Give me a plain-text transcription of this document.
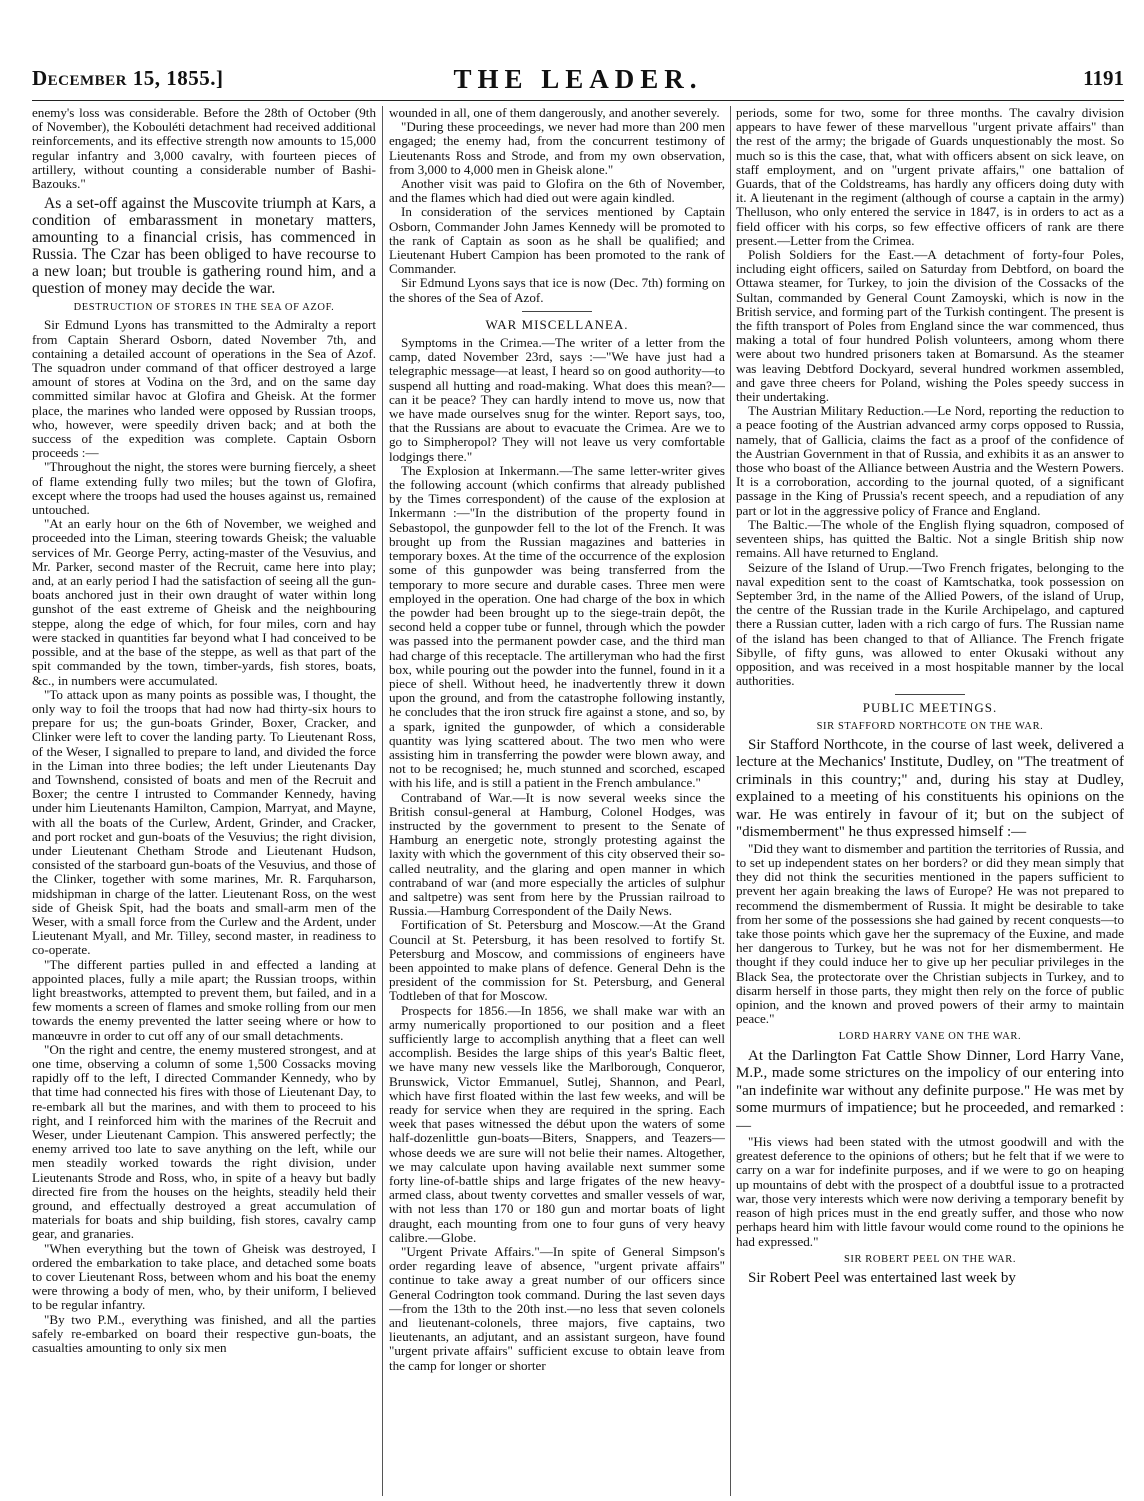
December 15, 1855.]	THE LEADER.	1191

enemy's loss was considerable. Before the 28th of October (9th of November), the Kobouléti detachment had received additional reinforcements, and its effective strength now amounts to 15,000 regular infantry and 3,000 cavalry, with fourteen pieces of artillery, without counting a considerable number of Bashi-Bazouks."

As a set-off against the Muscovite triumph at Kars, a condition of embarassment in monetary matters, amounting to a financial crisis, has commenced in Russia. The Czar has been obliged to have recourse to a new loan; but trouble is gathering round him, and a question of money may decide the war.

DESTRUCTION OF STORES IN THE SEA OF AZOF.

Sir Edmund Lyons has transmitted to the Admiralty a report from Captain Sherard Osborn, dated November 7th, and containing a detailed account of operations in the Sea of Azof. The squadron under command of that officer destroyed a large amount of stores at Vodina on the 3rd, and on the same day committed similar havoc at Glofira and Gheisk. At the former place, the marines who landed were opposed by Russian troops, who, however, were speedily driven back; and at both the success of the expedition was complete. Captain Osborn proceeds :—

"Throughout the night, the stores were burning fiercely, a sheet of flame extending fully two miles; but the town of Glofira, except where the troops had used the houses against us, remained untouched.

"At an early hour on the 6th of November, we weighed and proceeded into the Liman, steering towards Gheisk; the valuable services of Mr. George Perry, acting-master of the Vesuvius, and Mr. Parker, second master of the Recruit, came here into play; and, at an early period I had the satisfaction of seeing all the gun-boats anchored just in their own draught of water within long gunshot of the east extreme of Gheisk and the neighbouring steppe, along the edge of which, for four miles, corn and hay were stacked in quantities far beyond what I had conceived to be possible, and at the base of the steppe, as well as that part of the spit commanded by the town, timber-yards, fish stores, boats, &c., in numbers were accumulated.

"To attack upon as many points as possible was, I thought, the only way to foil the troops that had now had thirty-six hours to prepare for us; the gun-boats Grinder, Boxer, Cracker, and Clinker were left to cover the landing party. To Lieutenant Ross, of the Weser, I signalled to prepare to land, and divided the force in the Liman into three bodies; the left under Lieutenants Day and Townshend, consisted of boats and men of the Recruit and Boxer; the centre I intrusted to Commander Kennedy, having under him Lieutenants Hamilton, Campion, Marryat, and Mayne, with all the boats of the Curlew, Ardent, Grinder, and Cracker, and port rocket and gun-boats of the Vesuvius; the right division, under Lieutenant Chetham Strode and Lieutenant Hudson, consisted of the starboard gun-boats of the Vesuvius, and those of the Clinker, together with some marines, Mr. R. Farquharson, midshipman in charge of the latter. Lieutenant Ross, on the west side of Gheisk Spit, had the boats and small-arm men of the Weser, with a small force from the Curlew and the Ardent, under Lieutenant Myall, and Mr. Tilley, second master, in readiness to co-operate.

"The different parties pulled in and effected a landing at appointed places, fully a mile apart; the Russian troops, within light breastworks, attempted to prevent them, but failed, and in a few moments a screen of flames and smoke rolling from our men towards the enemy prevented the latter seeing where or how to manœuvre in order to cut off any of our small detachments.

"On the right and centre, the enemy mustered strongest, and at one time, observing a column of some 1,500 Cossacks moving rapidly off to the left, I directed Commander Kennedy, who by that time had connected his fires with those of Lieutenant Day, to re-embark all but the marines, and with them to proceed to his right, and I reinforced him with the marines of the Recruit and Weser, under Lieutenant Campion. This answered perfectly; the enemy arrived too late to save anything on the left, while our men steadily worked towards the right division, under Lieutenants Strode and Ross, who, in spite of a heavy but badly directed fire from the houses on the heights, steadily held their ground, and effectually destroyed a great accumulation of materials for boats and ship building, fish stores, cavalry camp gear, and granaries.

"When everything but the town of Gheisk was destroyed, I ordered the embarkation to take place, and detached some boats to cover Lieutenant Ross, between whom and his boat the enemy were throwing a body of men, who, by their uniform, I believed to be regular infantry.

"By two P.M., everything was finished, and all the parties safely re-embarked on board their respective gun-boats, the casualties amounting to only six men

wounded in all, one of them dangerously, and another severely.

"During these proceedings, we never had more than 200 men engaged; the enemy had, from the concurrent testimony of Lieutenants Ross and Strode, and from my own observation, from 3,000 to 4,000 men in Gheisk alone."

Another visit was paid to Glofira on the 6th of November, and the flames which had died out were again kindled.

In consideration of the services mentioned by Captain Osborn, Commander John James Kennedy will be promoted to the rank of Captain as soon as he shall be qualified; and Lieutenant Hubert Campion has been promoted to the rank of Commander.

Sir Edmund Lyons says that ice is now (Dec. 7th) forming on the shores of the Sea of Azof.

WAR MISCELLANEA.

Symptoms in the Crimea.—The writer of a letter from the camp, dated November 23rd, says :—"We have just had a telegraphic message—at least, I heard so on good authority—to suspend all hutting and road-making. What does this mean?—can it be peace? They can hardly intend to move us, now that we have made ourselves snug for the winter. Report says, too, that the Russians are about to evacuate the Crimea. Are we to go to Simpheropol? They will not leave us very comfortable lodgings there."

The Explosion at Inkermann.—The same letter-writer gives the following account (which confirms that already published by the Times correspondent) of the cause of the explosion at Inkermann :—"In the distribution of the property found in Sebastopol, the gunpowder fell to the lot of the French. It was brought up from the Russian magazines and batteries in temporary boxes. At the time of the occurrence of the explosion some of this gunpowder was being transferred from the temporary to more secure and durable cases. Three men were employed in the operation. One had charge of the box in which the powder had been brought up to the siege-train depôt, the second held a copper tube or funnel, through which the powder was passed into the permanent powder case, and the third man had charge of this receptacle. The artilleryman who had the first box, while pouring out the powder into the funnel, found in it a piece of shell. Without heed, he inadvertently threw it down upon the ground, and from the catastrophe following instantly, he concludes that the iron struck fire against a stone, and so, by a spark, ignited the gunpowder, of which a considerable quantity was lying scattered about. The two men who were assisting him in transferring the powder were blown away, and not to be recognised; he, much stunned and scorched, escaped with his life, and is still a patient in the French ambulance."

Contraband of War.—It is now several weeks since the British consul-general at Hamburg, Colonel Hodges, was instructed by the government to present to the Senate of Hamburg an energetic note, strongly protesting against the laxity with which the government of this city observed their so-called neutrality, and the glaring and open manner in which contraband of war (and more especially the articles of sulphur and saltpetre) was sent from here by the Prussian railroad to Russia.—Hamburg Correspondent of the Daily News.

Fortification of St. Petersburg and Moscow.—At the Grand Council at St. Petersburg, it has been resolved to fortify St. Petersburg and Moscow, and commissions of engineers have been appointed to make plans of defence. General Dehn is the president of the commission for St. Petersburg, and General Todtleben of that for Moscow.

Prospects for 1856.—In 1856, we shall make war with an army numerically proportioned to our position and a fleet sufficiently large to accomplish anything that a fleet can well accomplish. Besides the large ships of this year's Baltic fleet, we have many new vessels like the Marlborough, Conqueror, Brunswick, Victor Emmanuel, Sutlej, Shannon, and Pearl, which have first floated within the last few weeks, and will be ready for service when they are required in the spring. Each week that pases witnessed the début upon the waters of some half-dozenlittle gun-boats—Biters, Snappers, and Teazers—whose deeds we are sure will not belie their names. Altogether, we may calculate upon having available next summer some forty line-of-battle ships and large frigates of the new heavy-armed class, about twenty corvettes and smaller vessels of war, with not less than 170 or 180 gun and mortar boats of light draught, each mounting from one to four guns of very heavy calibre.—Globe.

"Urgent Private Affairs."—In spite of General Simpson's order regarding leave of absence, "urgent private affairs" continue to take away a great number of our officers since General Codrington took command. During the last seven days—from the 13th to the 20th inst.—no less that seven colonels and lieutenant-colonels, three majors, five captains, two lieutenants, an adjutant, and an assistant surgeon, have found "urgent private affairs" sufficient excuse to obtain leave from the camp for longer or shorter

periods, some for two, some for three months. The cavalry division appears to have fewer of these marvellous "urgent private affairs" than the rest of the army; the brigade of Guards unquestionably the most. So much so is this the case, that, what with officers absent on sick leave, on staff employment, and on "urgent private affairs," one battalion of Guards, that of the Coldstreams, has hardly any officers doing duty with it. A lieutenant in the regiment (although of course a captain in the army) Thelluson, who only entered the service in 1847, is in orders to act as a field officer with his corps, so few effective officers of rank are there present.—Letter from the Crimea.

Polish Soldiers for the East.—A detachment of forty-four Poles, including eight officers, sailed on Saturday from Debtford, on board the Ottawa steamer, for Turkey, to join the division of the Cossacks of the Sultan, commanded by General Count Zamoyski, which is now in the British service, and forming part of the Turkish contingent. The present is the fifth transport of Poles from England since the war commenced, thus making a total of four hundred Polish volunteers, among whom there were about two hundred prisoners taken at Bomarsund. As the steamer was leaving Debtford Dockyard, several hundred workmen assembled, and gave three cheers for Poland, wishing the Poles speedy success in their undertaking.

The Austrian Military Reduction.—Le Nord, reporting the reduction to a peace footing of the Austrian advanced army corps opposed to Russia, namely, that of Gallicia, claims the fact as a proof of the confidence of the Austrian Government in that of Russia, and exhibits it as an answer to those who boast of the Alliance between Austria and the Western Powers. It is a corroboration, according to the journal quoted, of a significant passage in the King of Prussia's recent speech, and a repudiation of any part or lot in the aggressive policy of France and England.

The Baltic.—The whole of the English flying squadron, composed of seventeen ships, has quitted the Baltic. Not a single British ship now remains. All have returned to England.

Seizure of the Island of Urup.—Two French frigates, belonging to the naval expedition sent to the coast of Kamtschatka, took possession on September 3rd, in the name of the Allied Powers, of the island of Urup, the centre of the Russian trade in the Kurile Archipelago, and captured there a Russian cutter, laden with a rich cargo of furs. The Russian name of the island has been changed to that of Alliance. The French frigate Sibylle, of fifty guns, was allowed to enter Okusaki without any opposition, and was received in a most hospitable manner by the local authorities.

PUBLIC MEETINGS.

SIR STAFFORD NORTHCOTE ON THE WAR.

Sir Stafford Northcote, in the course of last week, delivered a lecture at the Mechanics' Institute, Dudley, on "The treatment of criminals in this country;" and, during his stay at Dudley, explained to a meeting of his constituents his opinions on the war. He was entirely in favour of it; but on the subject of "dismemberment" he thus expressed himself :—

"Did they want to dismember and partition the territories of Russia, and to set up independent states on her borders? or did they mean simply that they did not think the securities mentioned in the papers sufficient to prevent her again breaking the laws of Europe? He was not prepared to recommend the dismemberment of Russia. It might be desirable to take from her some of the possessions she had gained by recent conquests—to take those points which gave her the supremacy of the Euxine, and made her dangerous to Turkey, but he was not for her dismemberment. He thought if they could induce her to give up her peculiar privileges in the Black Sea, the protectorate over the Christian subjects in Turkey, and to disarm herself in those parts, they might then rely on the force of public opinion, and the known and proved powers of their army to maintain peace."

LORD HARRY VANE ON THE WAR.

At the Darlington Fat Cattle Show Dinner, Lord Harry Vane, M.P., made some strictures on the impolicy of our entering into "an indefinite war without any definite purpose." He was met by some murmurs of impatience; but he proceeded, and remarked :—

"His views had been stated with the utmost goodwill and with the greatest deference to the opinions of others; but he felt that if we were to carry on a war for indefinite purposes, and if we were to go on heaping up mountains of debt with the prospect of a doubtful issue to a protracted war, those very interests which were now deriving a temporary benefit by reason of high prices must in the end greatly suffer, and those who now perhaps heard him with little favour would come round to the opinions he had expressed."

SIR ROBERT PEEL ON THE WAR.

Sir Robert Peel was entertained last week by
